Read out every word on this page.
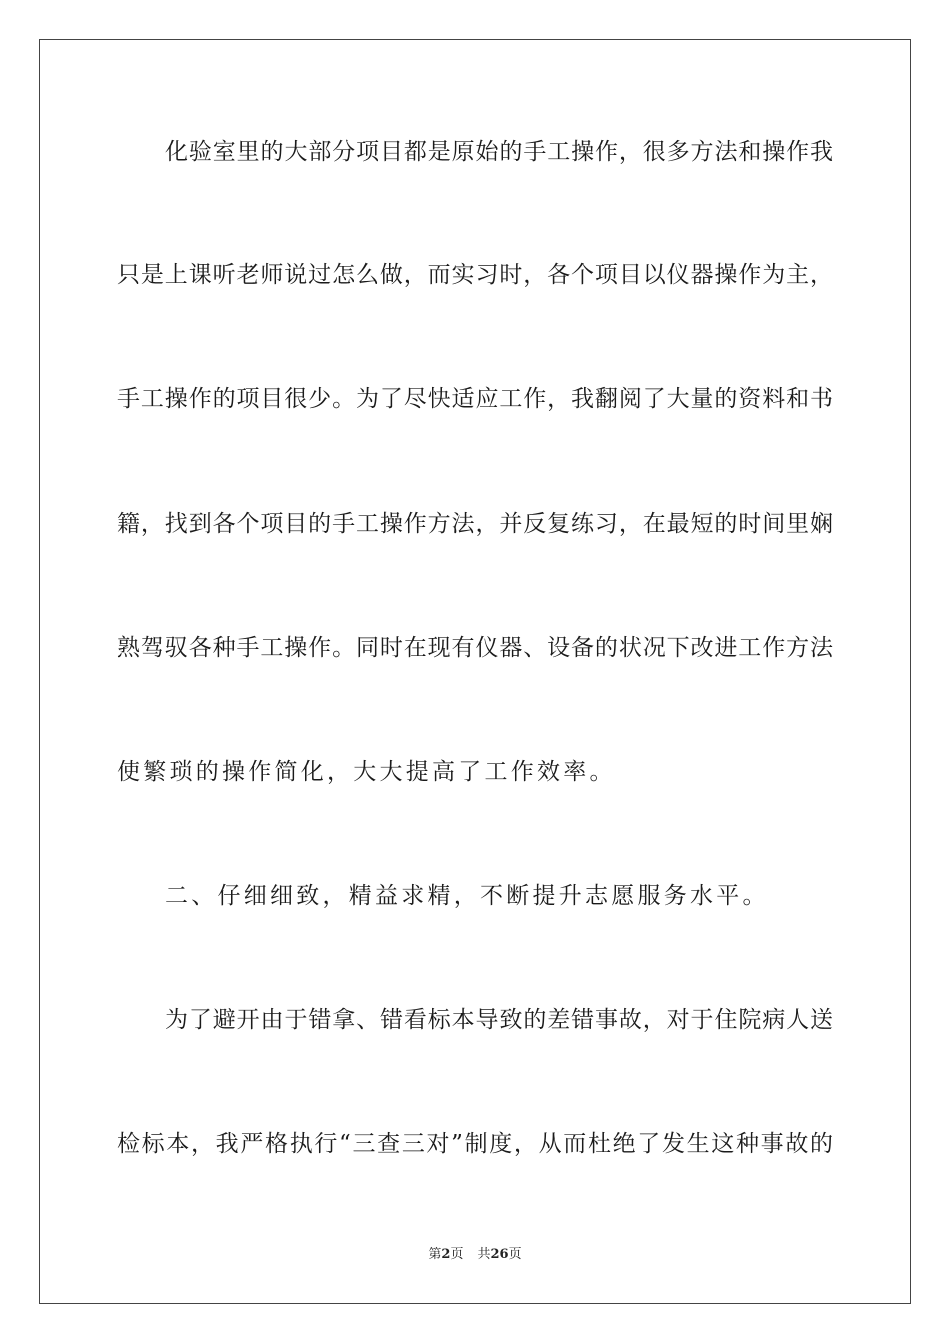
化验室里的大部分项目都是原始的手工操作，很多方法和操作我
只是上课听老师说过怎么做，而实习时，各个项目以仪器操作为主，
手工操作的项目很少。为了尽快适应工作，我翻阅了大量的资料和书
籍，找到各个项目的手工操作方法，并反复练习，在最短的时间里娴
熟驾驭各种手工操作。同时在现有仪器、设备的状况下改进工作方法
使繁琐的操作简化，大大提高了工作效率。
二、仔细细致，精益求精，不断提升志愿服务水平。
为了避开由于错拿、错看标本导致的差错事故，对于住院病人送
检标本，我严格执行“三查三对”制度，从而杜绝了发生这种事故的
第2页 共26页
